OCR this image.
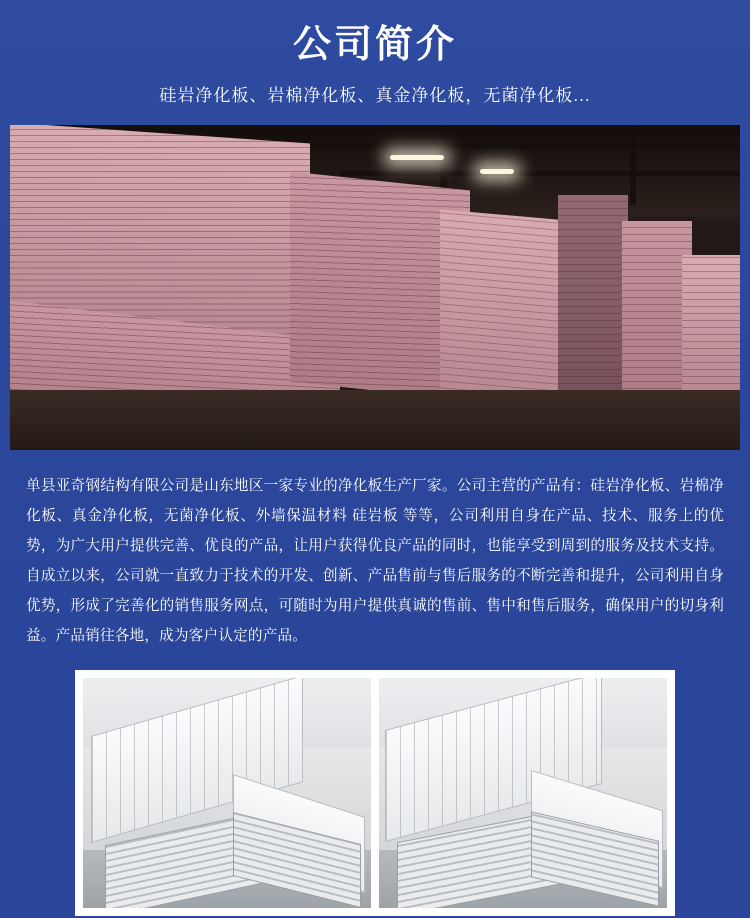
公司简介
硅岩净化板、岩棉净化板、真金净化板，无菌净化板...
单县亚奇钢结构有限公司是山东地区一家专业的净化板生产厂家。公司主营的产品有：硅岩净化板、岩棉净化板、真金净化板，无菌净化板、外墙保温材料 硅岩板 等等，公司利用自身在产品、技术、服务上的优势，为广大用户提供完善、优良的产品，让用户获得优良产品的同时，也能享受到周到的服务及技术支持。自成立以来，公司就一直致力于技术的开发、创新、产品售前与售后服务的不断完善和提升，公司利用自身优势，形成了完善化的销售服务网点，可随时为用户提供真诚的售前、售中和售后服务，确保用户的切身利益。产品销往各地，成为客户认定的产品。
